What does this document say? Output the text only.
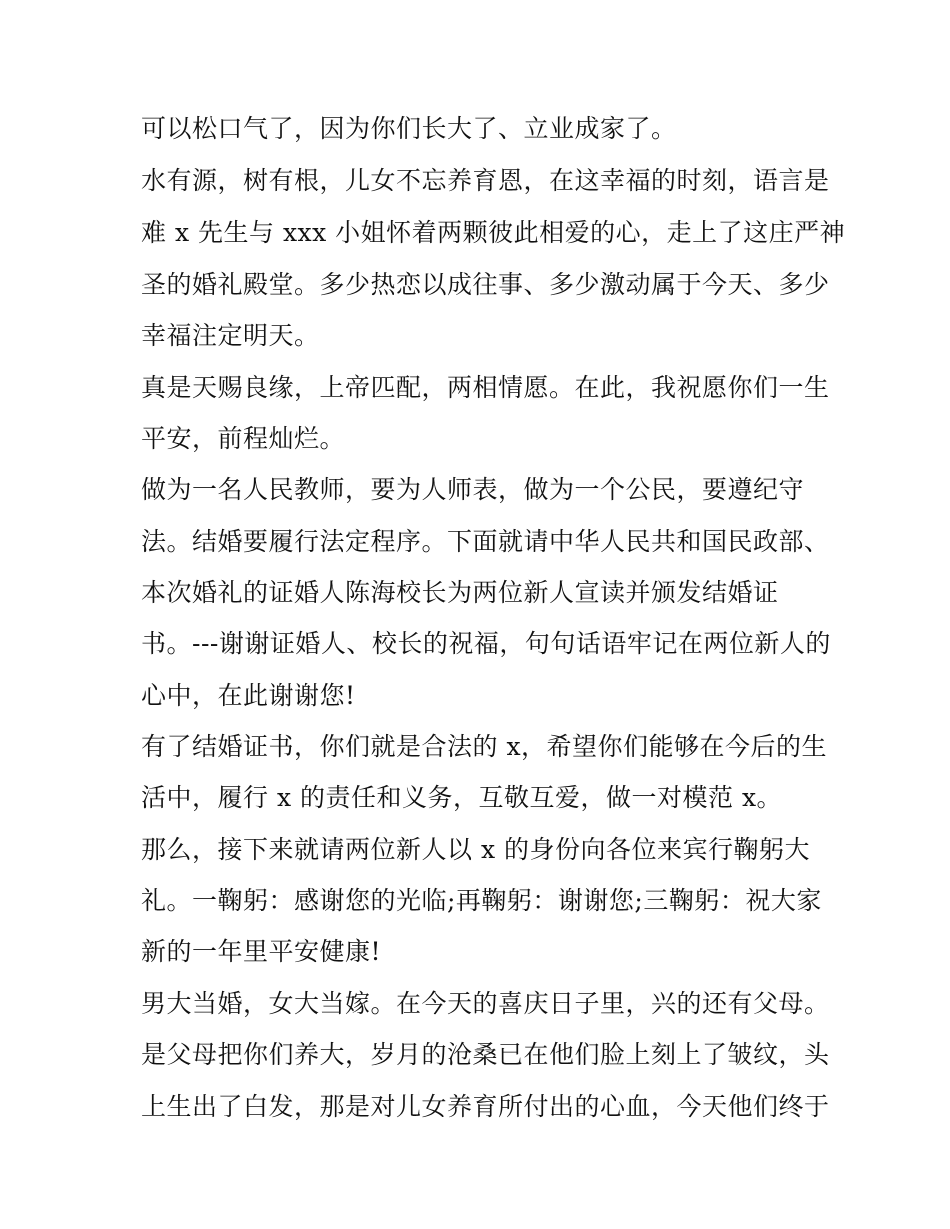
可以松口气了，因为你们长大了、立业成家了。
水有源，树有根，儿女不忘养育恩，在这幸福的时刻，语言是
难 x 先生与 xxx 小姐怀着两颗彼此相爱的心，走上了这庄严神
圣的婚礼殿堂。多少热恋以成往事、多少激动属于今天、多少
幸福注定明天。
真是天赐良缘，上帝匹配，两相情愿。在此，我祝愿你们一生
平安，前程灿烂。
做为一名人民教师，要为人师表，做为一个公民，要遵纪守
法。结婚要履行法定程序。下面就请中华人民共和国民政部、
本次婚礼的证婚人陈海校长为两位新人宣读并颁发结婚证
书。---谢谢证婚人、校长的祝福，句句话语牢记在两位新人的
心中，在此谢谢您!
有了结婚证书，你们就是合法的 x，希望你们能够在今后的生
活中，履行 x 的责任和义务，互敬互爱，做一对模范 x。
那么，接下来就请两位新人以 x 的身份向各位来宾行鞠躬大
礼。一鞠躬：感谢您的光临;再鞠躬：谢谢您;三鞠躬：祝大家
新的一年里平安健康!
男大当婚，女大当嫁。在今天的喜庆日子里，兴的还有父母。
是父母把你们养大，岁月的沧桑已在他们脸上刻上了皱纹，头
上生出了白发，那是对儿女养育所付出的心血，今天他们终于
